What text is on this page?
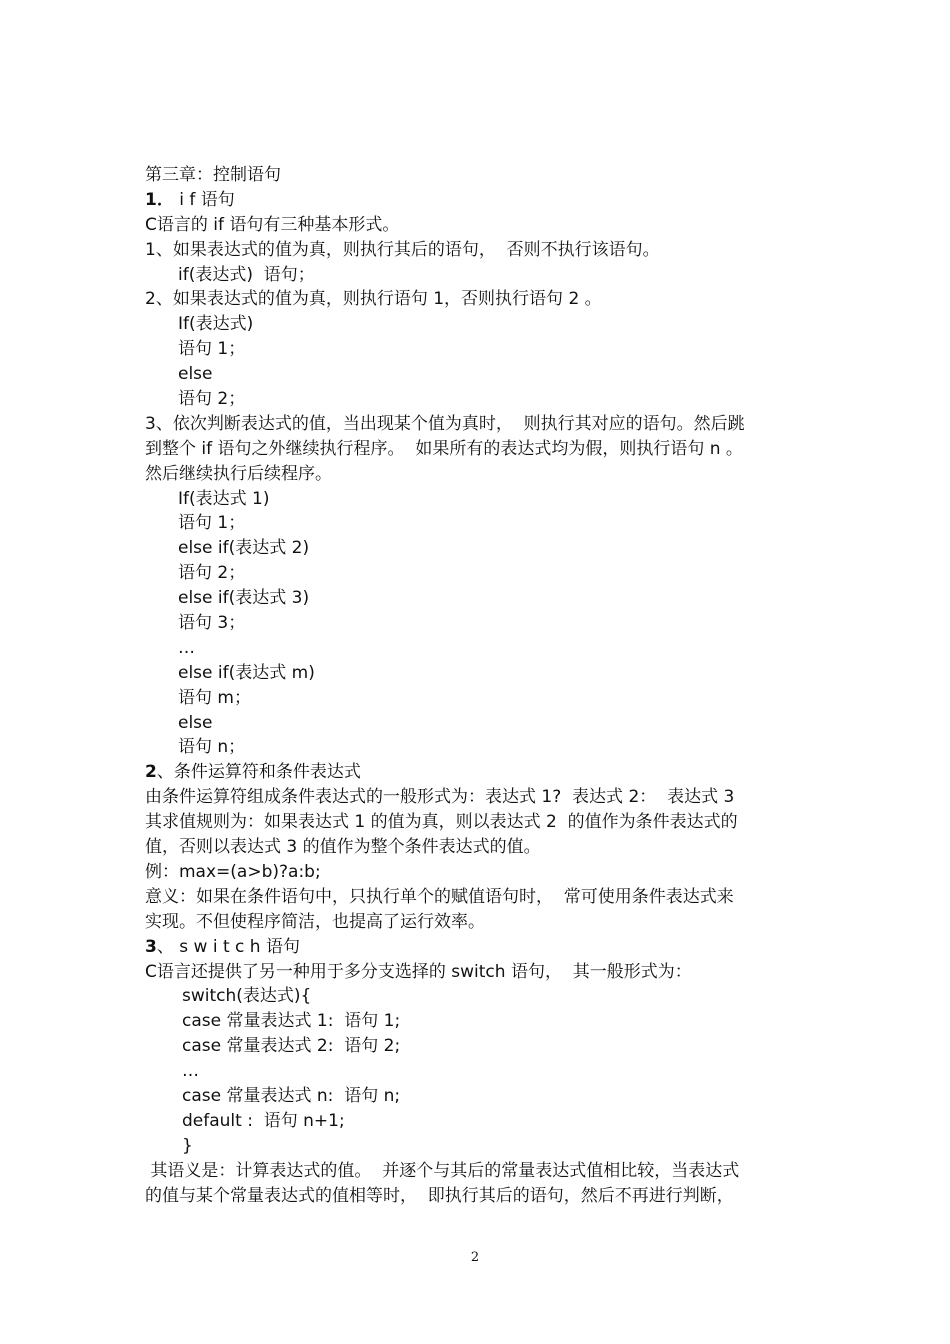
第三章：控制语句
1． i f 语句
C语言的 if 语句有三种基本形式。
1、如果表达式的值为真，则执行其后的语句，  否则不执行该语句。
if(表达式)  语句；
2、如果表达式的值为真，则执行语句 1，否则执行语句 2 。
If(表达式)
语句 1；
else
语句 2；
3、依次判断表达式的值，当出现某个值为真时，  则执行其对应的语句。然后跳
到整个 if 语句之外继续执行程序。  如果所有的表达式均为假，则执行语句 n 。
然后继续执行后续程序。
If(表达式 1)
语句 1；
else if(表达式 2)
语句 2；
else if(表达式 3)
语句 3；
…
else if(表达式 m)
语句 m；
else
语句 n；
2、条件运算符和条件表达式
由条件运算符组成条件表达式的一般形式为：表达式 1?  表达式 2：  表达式 3
其求值规则为：如果表达式 1 的值为真，则以表达式 2  的值作为条件表达式的
值，否则以表达式 3 的值作为整个条件表达式的值。
例：max=(a>b)?a:b;
意义：如果在条件语句中，只执行单个的赋值语句时，  常可使用条件表达式来
实现。不但使程序简洁，也提高了运行效率。
3、 s w i t c h 语句
C语言还提供了另一种用于多分支选择的 switch 语句，  其一般形式为：
switch(表达式){
case 常量表达式 1:  语句 1;
case 常量表达式 2:  语句 2;
…
case 常量表达式 n:  语句 n;
default :  语句 n+1;
}
其语义是：计算表达式的值。  并逐个与其后的常量表达式值相比较，当表达式
的值与某个常量表达式的值相等时，  即执行其后的语句，然后不再进行判断，
2
